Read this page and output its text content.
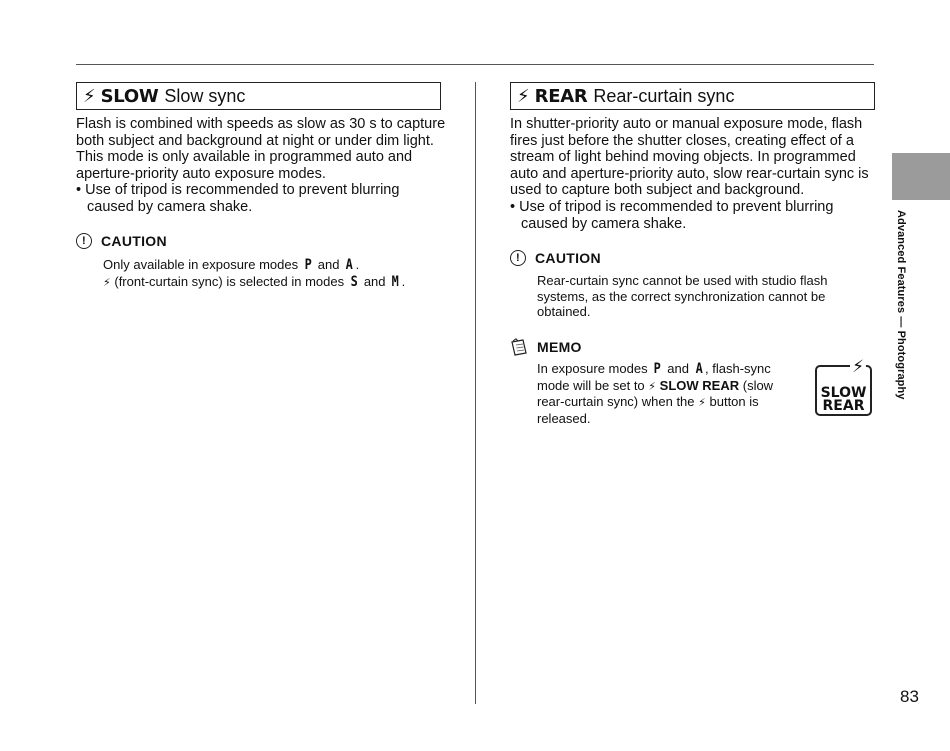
⚡︎ SLOW Slow sync

Flash is combined with speeds as slow as 30 s to capture

both subject and background at night or under dim light.

This mode is only available in programmed auto and

aperture-priority auto exposure modes.

• Use of tripod is recommended to prevent blurring
caused by camera shake.
!	CAUTION

Only available in exposure modes P and A .

⚡︎ (front-curtain sync) is selected in modes S and M .

⚡︎ REAR Rear-curtain sync

In shutter-priority auto or manual exposure mode, flash

fires just before the shutter closes, creating effect of a

stream of light behind moving objects. In programmed

auto and aperture-priority auto, slow rear-curtain sync is

used to capture both subject and background.

• Use of tripod is recommended to prevent blurring
caused by camera shake.
!	CAUTION

Rear-curtain sync cannot be used with studio flash

systems, as the correct synchronization cannot be

obtained.

MEMO

In exposure modes P and A , flash-sync

mode will be set to ⚡︎ SLOW REAR (slow

rear-curtain sync) when the ⚡︎ button is

released.

⚡︎
SLOW
REAR
Advanced Features — Photography
83
